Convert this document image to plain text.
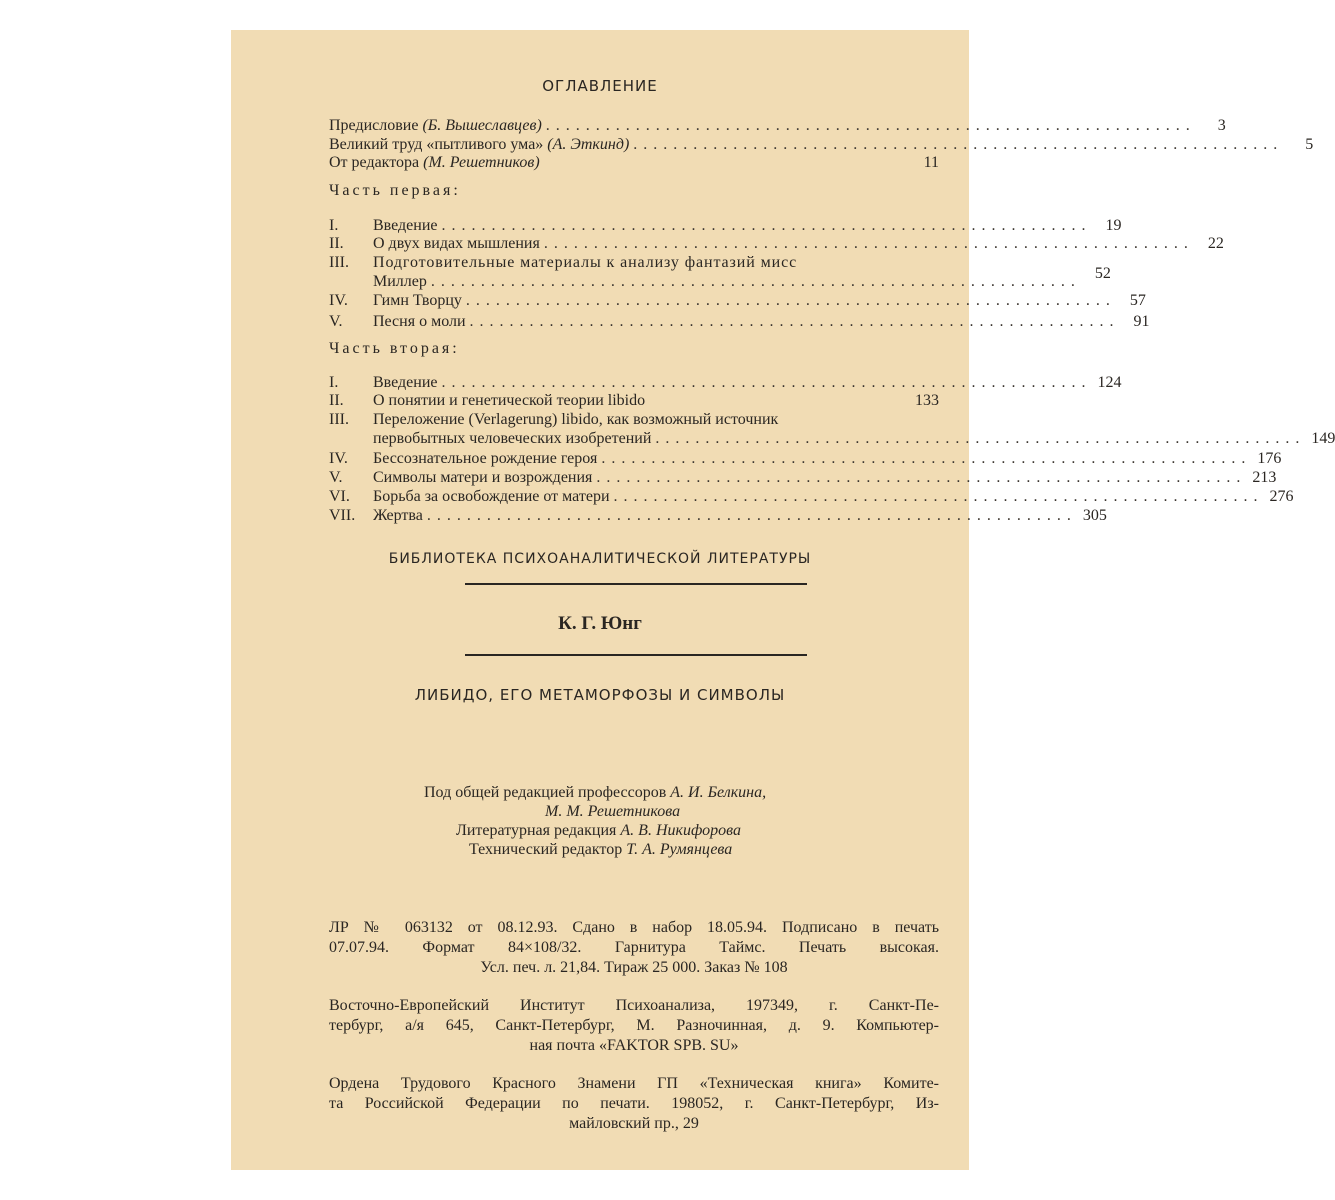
ОГЛАВЛЕНИЕ
Предисловие (Б. Вышеславцев) .................................................................	3
Великий труд «пытливого ума» (А. Эткинд) .................................................................	5
От редактора (М. Решетников)	11
Часть первая:
I.	Введение ................................................................. 19
II.	О двух видах мышления ................................................................. 22
III.	Подготовительные материалы к анализу фантазий мисс
Миллер ................................................................. 52
IV.	Гимн Творцу ................................................................. 57
V.	Песня о моли ................................................................. 91
Часть вторая:
I.	Введение ................................................................. 124
II.	О понятии и генетической теории libido	133
III.	Переложение (Verlagerung) libido, как возможный источник
первобытных человеческих изобретений ................................................................. 149
IV.	Бессознательное рождение героя ................................................................. 176
V.	Символы матери и возрождения ................................................................. 213
VI.	Борьба за освобождение от матери ................................................................. 276
VII.	Жертва ................................................................. 305
БИБЛИОТЕКА ПСИХОАНАЛИТИЧЕСКОЙ ЛИТЕРАТУРЫ
К. Г. Юнг
ЛИБИДО, ЕГО МЕТАМОРФОЗЫ И СИМВОЛЫ
Под общей редакцией профессоров А. И. Белкина,
М. М. Решетникова
Литературная редакция А. В. Никифорова
Технический редактор Т. А. Румянцева
ЛР № 063132 от 08.12.93. Сдано в набор 18.05.94. Подписано в печать
07.07.94. Формат 84×108/32. Гарнитура Таймс. Печать высокая.
Усл. печ. л. 21,84. Тираж 25 000. Заказ № 108
Восточно-Европейский Институт Психоанализа, 197349, г. Санкт-Пе-
тербург, а/я 645, Санкт-Петербург, М. Разночинная, д. 9. Компьютер-
ная почта «FAKTOR SPB. SU»
Ордена Трудового Красного Знамени ГП «Техническая книга» Комите-
та Российской Федерации по печати. 198052, г. Санкт-Петербург, Из-
майловский пр., 29
